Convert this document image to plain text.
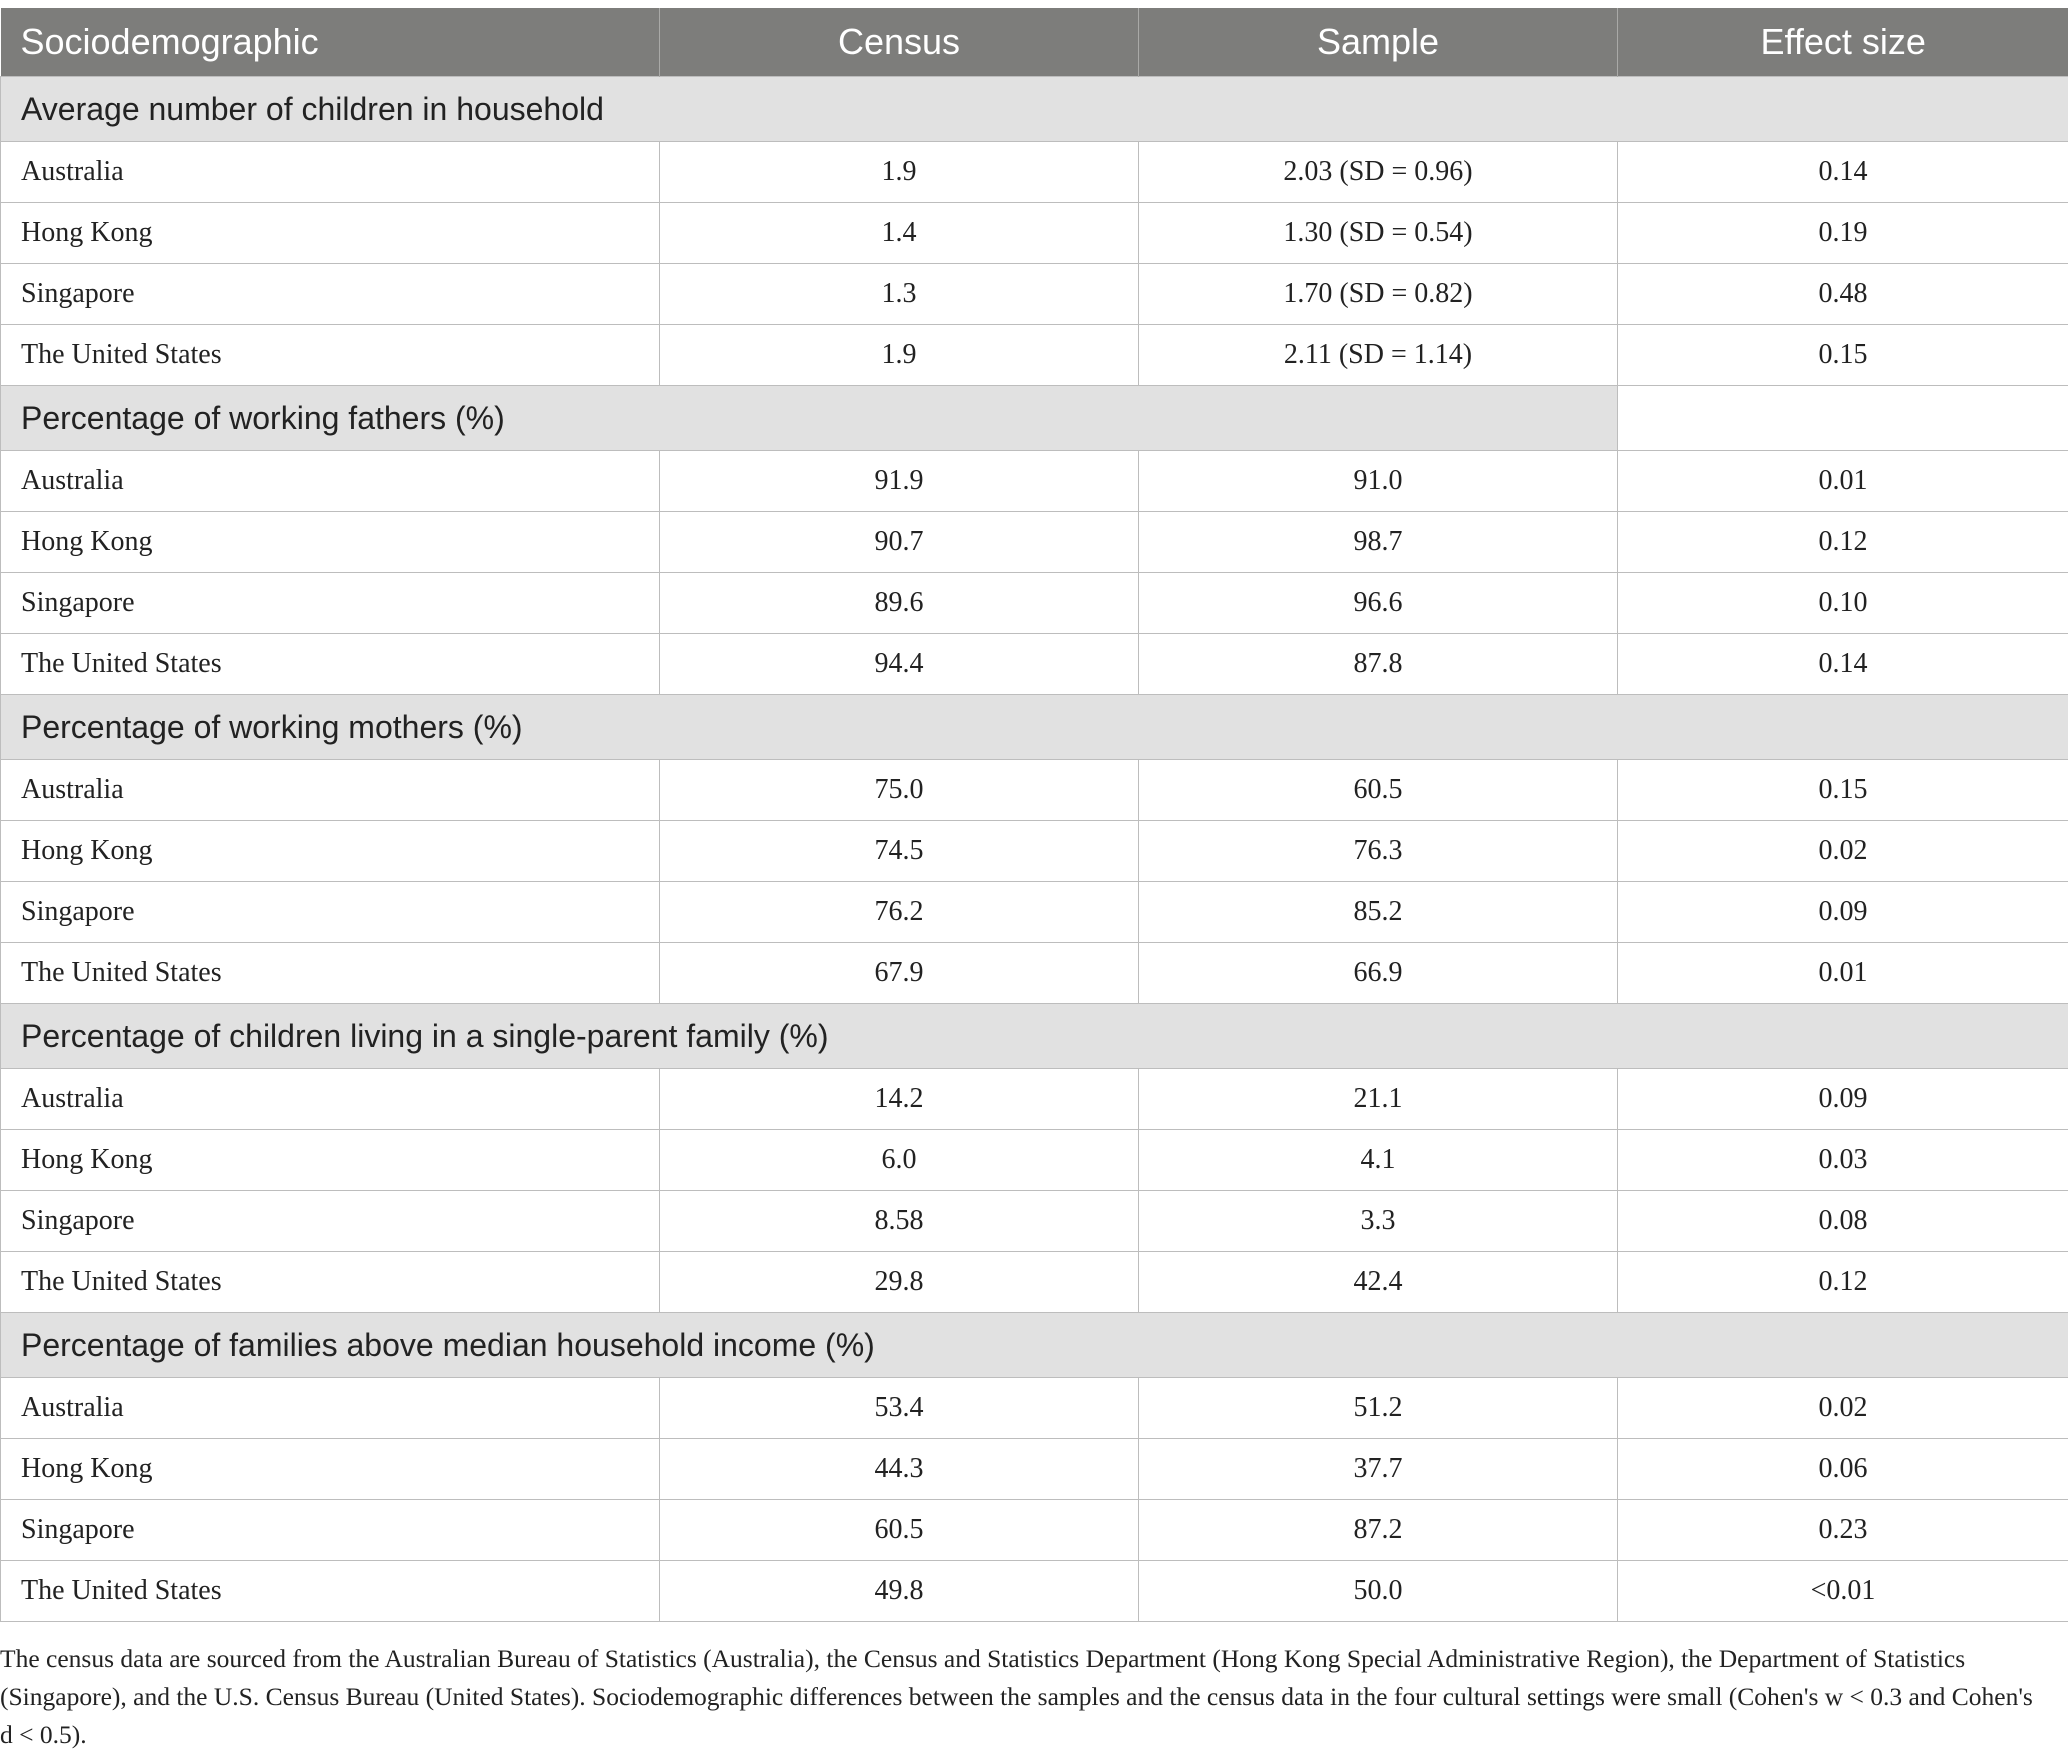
Sociodemographic	Census	Sample	Effect size
Average number of children in household			
Australia	1.9	2.03 (SD = 0.96)	0.14
Hong Kong	1.4	1.30 (SD = 0.54)	0.19
Singapore	1.3	1.70 (SD = 0.82)	0.48
The United States	1.9	2.11 (SD = 1.14)	0.15
Percentage of working fathers (%)			
Australia	91.9	91.0	0.01
Hong Kong	90.7	98.7	0.12
Singapore	89.6	96.6	0.10
The United States	94.4	87.8	0.14
Percentage of working mothers (%)			
Australia	75.0	60.5	0.15
Hong Kong	74.5	76.3	0.02
Singapore	76.2	85.2	0.09
The United States	67.9	66.9	0.01
Percentage of children living in a single-parent family (%)			
Australia	14.2	21.1	0.09
Hong Kong	6.0	4.1	0.03
Singapore	8.58	3.3	0.08
The United States	29.8	42.4	0.12
Percentage of families above median household income (%)			
Australia	53.4	51.2	0.02
Hong Kong	44.3	37.7	0.06
Singapore	60.5	87.2	0.23
The United States	49.8	50.0	<0.01
The census data are sourced from the Australian Bureau of Statistics (Australia), the Census and Statistics Department (Hong Kong Special Administrative Region), the Department of Statistics (Singapore), and the U.S. Census Bureau (United States). Sociodemographic differences between the samples and the census data in the four cultural settings were small (Cohen's w < 0.3 and Cohen's d < 0.5).
